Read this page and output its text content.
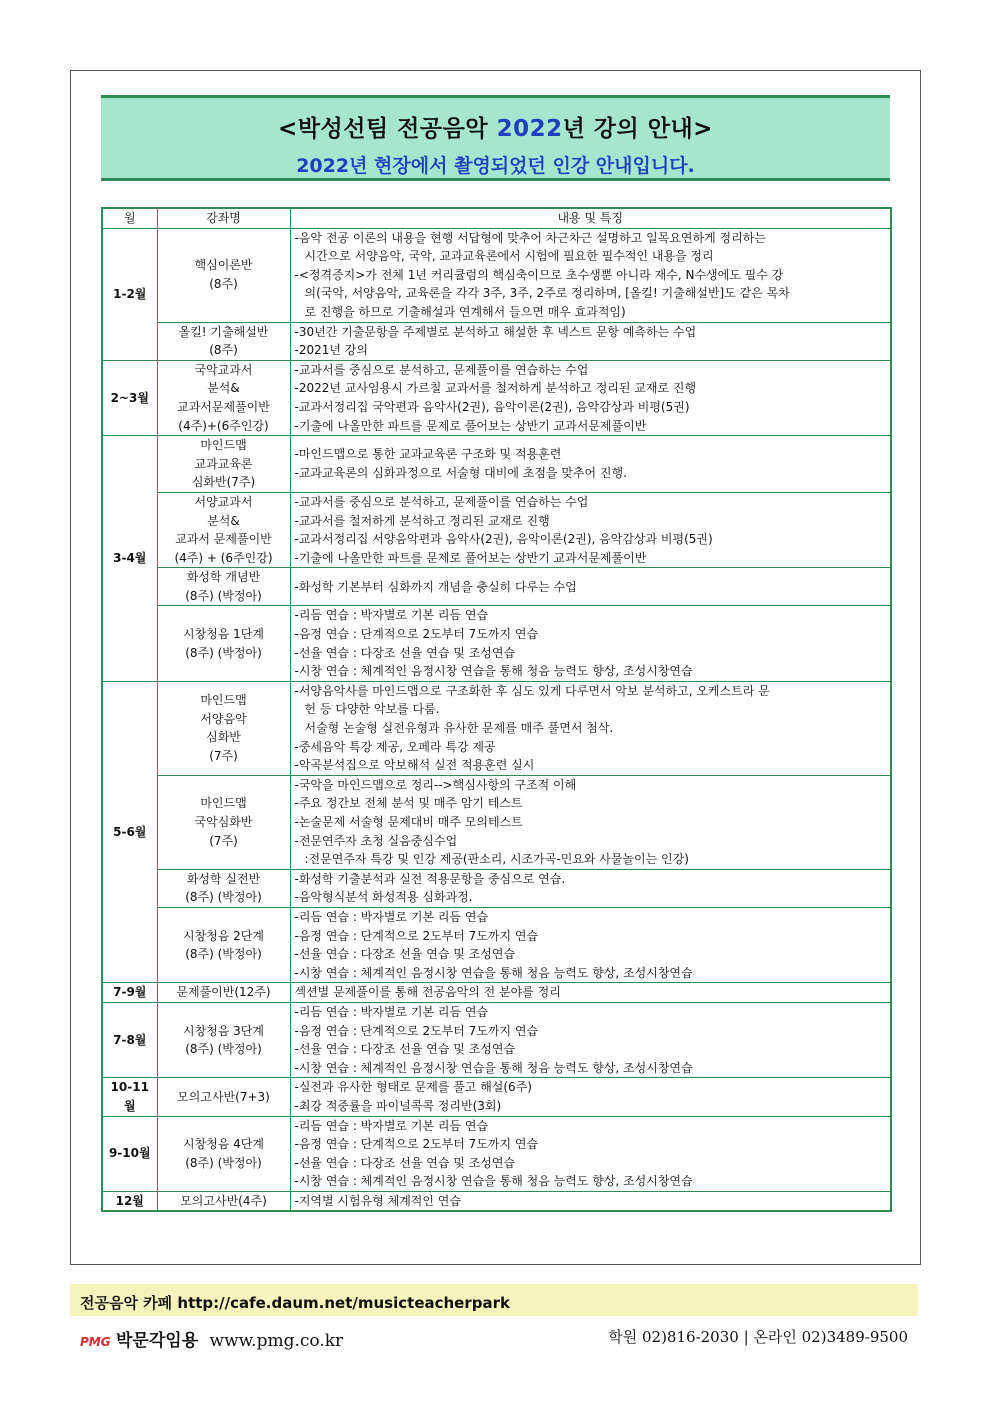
<박성선팀 전공음악 2022년 강의 안내>
2022년 현장에서 촬영되었던 인강 안내입니다.
월	강좌명	내용 및 특징
1-2월	핵심이론반
(8주)	-음악 전공 이론의 내용을 현행 서답형에 맞추어 차근차근 설명하고 일목요연하게 정리하는
시간으로 서양음악, 국악, 교과교육론에서 시험에 필요한 필수적인 내용을 정리
-<정격증지>가 전체 1년 커리큘럼의 핵심축이므로 초수생뿐 아니라 재수, N수생에도 필수 강
의(국악, 서양음악, 교육론을 각각 3주, 3주, 2주로 정리하며, [올킬! 기출해설반]도 같은 목차
로 진행을 하므로 기출해설과 연계해서 들으면 매우 효과적임)

	올킬! 기출해설반
(8주)	-30년간 기출문항을 주제별로 분석하고 해설한 후 넥스트 문항 예측하는 수업
-2021년 강의

2~3월	국악교과서
분석&
교과서문제풀이반
(4주)+(6주인강)	-교과서를 중심으로 분석하고, 문제풀이를 연습하는 수업
-2022년 교사임용시 가르칠 교과서를 철저하게 분석하고 정리된 교재로 진행
-교과서정리집 국악편과 음악사(2권), 음악이론(2권), 음악감상과 비평(5권)
-기출에 나올만한 파트를 문제로 풀어보는 상반기 교과서문제풀이반

3-4월	마인드맵
교과교육론
심화반(7주)	-마인드맵으로 통한 교과교육론 구조화 및 적용훈련
-교과교육론의 심화과정으로 서술형 대비에 초점을 맞추어 진행.

	서양교과서
분석&
교과서 문제풀이반
(4주) + (6주인강)	-교과서를 중심으로 분석하고, 문제풀이를 연습하는 수업
-교과서를 철저하게 분석하고 정리된 교재로 진행
-교과서정리집 서양음악편과 음악사(2권), 음악이론(2권), 음악감상과 비평(5권)
-기출에 나올만한 파트를 문제로 풀어보는 상반기 교과서문제풀이반

	화성학 개념반
(8주) (박정아)	-화성학 기본부터 심화까지 개념을 충실히 다루는 수업

	시창청음 1단계
(8주) (박정아)	-리듬 연습 : 박자별로 기본 리듬 연습
-음정 연습 : 단계적으로 2도부터 7도까지 연습
-선율 연습 : 다장조 선율 연습 및 조성연습
-시창 연습 : 체계적인 음정시창 연습을 통해 청음 능력도 향상, 조성시창연습

5-6월	마인드맵
서양음악
심화반
(7주)	-서양음악사를 마인드맵으로 구조화한 후 심도 있게 다루면서 악보 분석하고, 오케스트라 문
헌 등 다양한 악보를 다룸.
서술형 논술형 실전유형과 유사한 문제를 매주 풀면서 첨삭.
-중세음악 특강 제공, 오페라 특강 제공
-악곡분석집으로 악보해석 실전 적용훈련 실시

	마인드맵
국악심화반
(7주)	-국악을 마인드맵으로 정리-->핵심사항의 구조적 이해
-주요 정간보 전체 분석 및 매주 암기 테스트
-논술문제 서술형 문제대비 매주 모의테스트
-전문연주자 초청 실음중심수업
:전문연주자 특강 및 인강 제공(판소리, 시조가곡-민요와 사물놀이는 인강)

	화성학 실전반
(8주) (박정아)	-화성학 기출분석과 실전 적용문항을 중심으로 연습.
-음악형식분석 화성적용 심화과정.

	시창청음 2단계
(8주) (박정아)	-리듬 연습 : 박자별로 기본 리듬 연습
-음정 연습 : 단계적으로 2도부터 7도까지 연습
-선율 연습 : 다장조 선율 연습 및 조성연습
-시창 연습 : 체계적인 음정시창 연습을 통해 청음 능력도 향상, 조성시창연습

7-9월	문제풀이반(12주)	섹션별 문제풀이를 통해 전공음악의 전 분야를 정리

7-8월	시창청음 3단계
(8주) (박정아)	-리듬 연습 : 박자별로 기본 리듬 연습
-음정 연습 : 단계적으로 2도부터 7도까지 연습
-선율 연습 : 다장조 선율 연습 및 조성연습
-시창 연습 : 체계적인 음정시창 연습을 통해 청음 능력도 향상, 조성시창연습

10-11월	모의고사반(7+3)	-실전과 유사한 형태로 문제를 풀고 해설(6주)
-최강 적중률을 파이널콕콕 정리반(3회)

9-10월	시창청음 4단계
(8주) (박정아)	-리듬 연습 : 박자별로 기본 리듬 연습
-음정 연습 : 단계적으로 2도부터 7도까지 연습
-선율 연습 : 다장조 선율 연습 및 조성연습
-시창 연습 : 체계적인 음정시창 연습을 통해 청음 능력도 향상, 조성시창연습

12월	모의고사반(4주)	-지역별 시험유형 체계적인 연습
전공음악 카페 http://cafe.daum.net/musicteacherpark
PMG 박문각임용 www.pmg.co.kr	학원 02)816-2030 | 온라인 02)3489-9500
